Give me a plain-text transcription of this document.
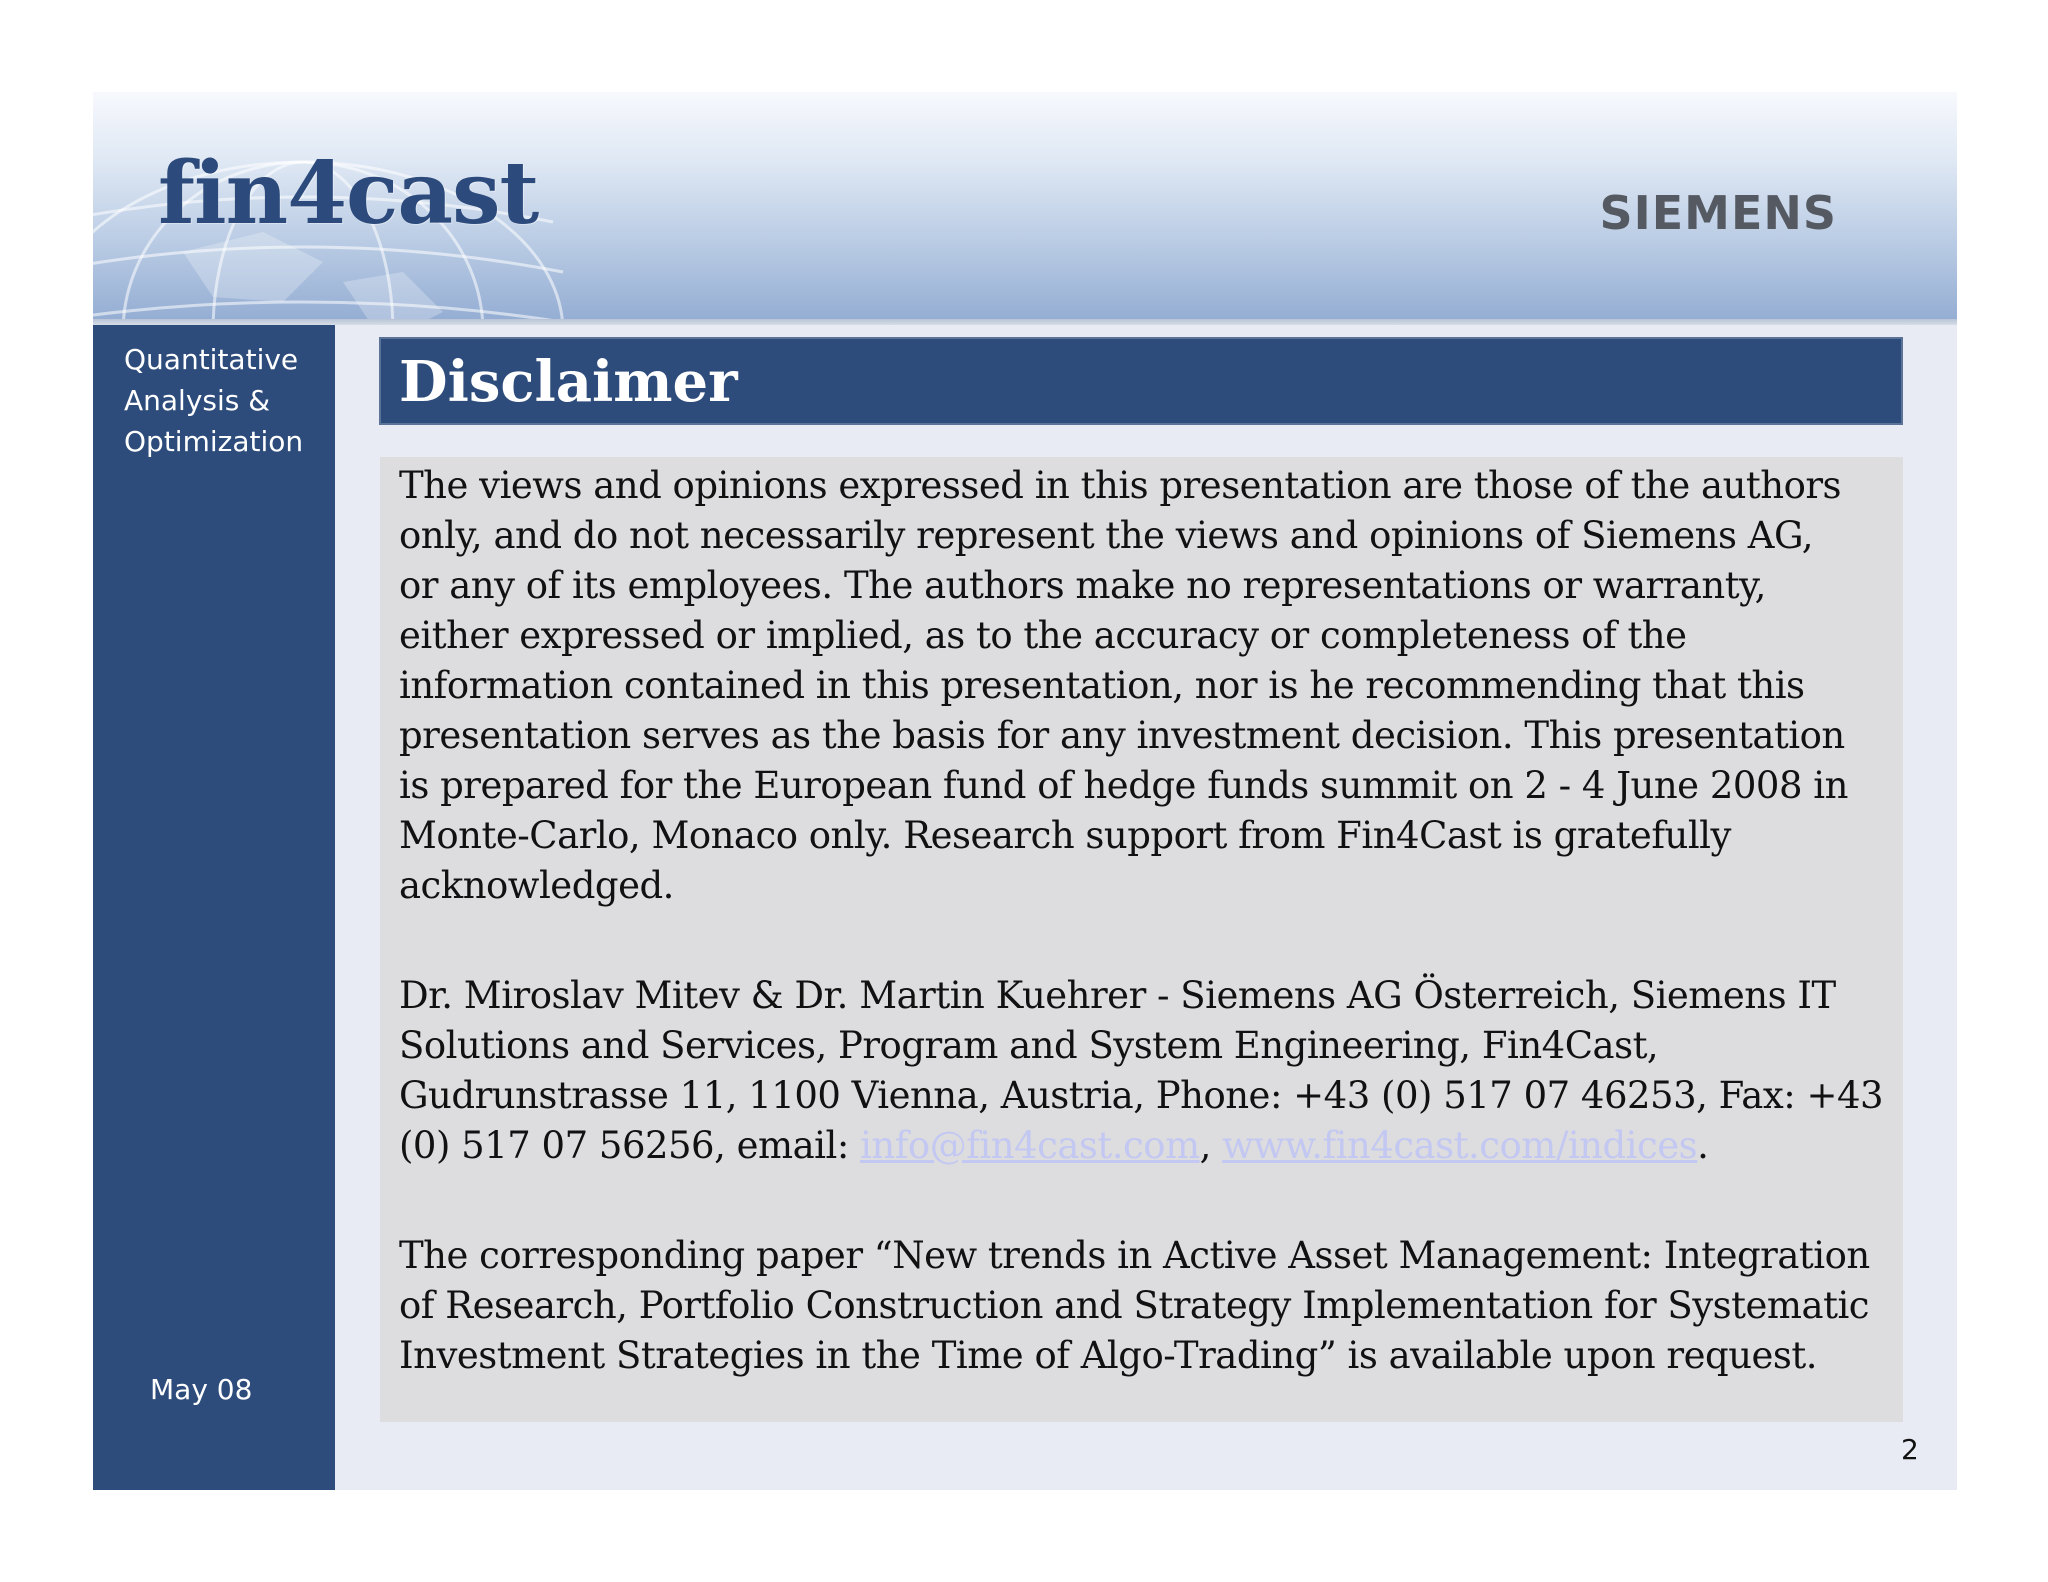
fin4cast	SIEMENS
Quantitative
Analysis &
Optimization
May 08
Disclaimer
The views and opinions expressed in this presentation are those of the authors
only, and do not necessarily represent the views and opinions of Siemens AG,
or any of its employees. The authors make no representations or warranty,
either expressed or implied, as to the accuracy or completeness of the
information contained in this presentation, nor is he recommending that this
presentation serves as the basis for any investment decision. This presentation
is prepared for the European fund of hedge funds summit on 2 - 4 June 2008 in
Monte-Carlo, Monaco only. Research support from Fin4Cast is gratefully
acknowledged.
Dr. Miroslav Mitev & Dr. Martin Kuehrer - Siemens AG Österreich, Siemens IT
Solutions and Services, Program and System Engineering, Fin4Cast,
Gudrunstrasse 11, 1100 Vienna, Austria, Phone: +43 (0) 517 07 46253, Fax: +43
(0) 517 07 56256, email: info@fin4cast.com, www.fin4cast.com/indices.
The corresponding paper “New trends in Active Asset Management: Integration
of Research, Portfolio Construction and Strategy Implementation for Systematic
Investment Strategies in the Time of Algo-Trading” is available upon request.
2
